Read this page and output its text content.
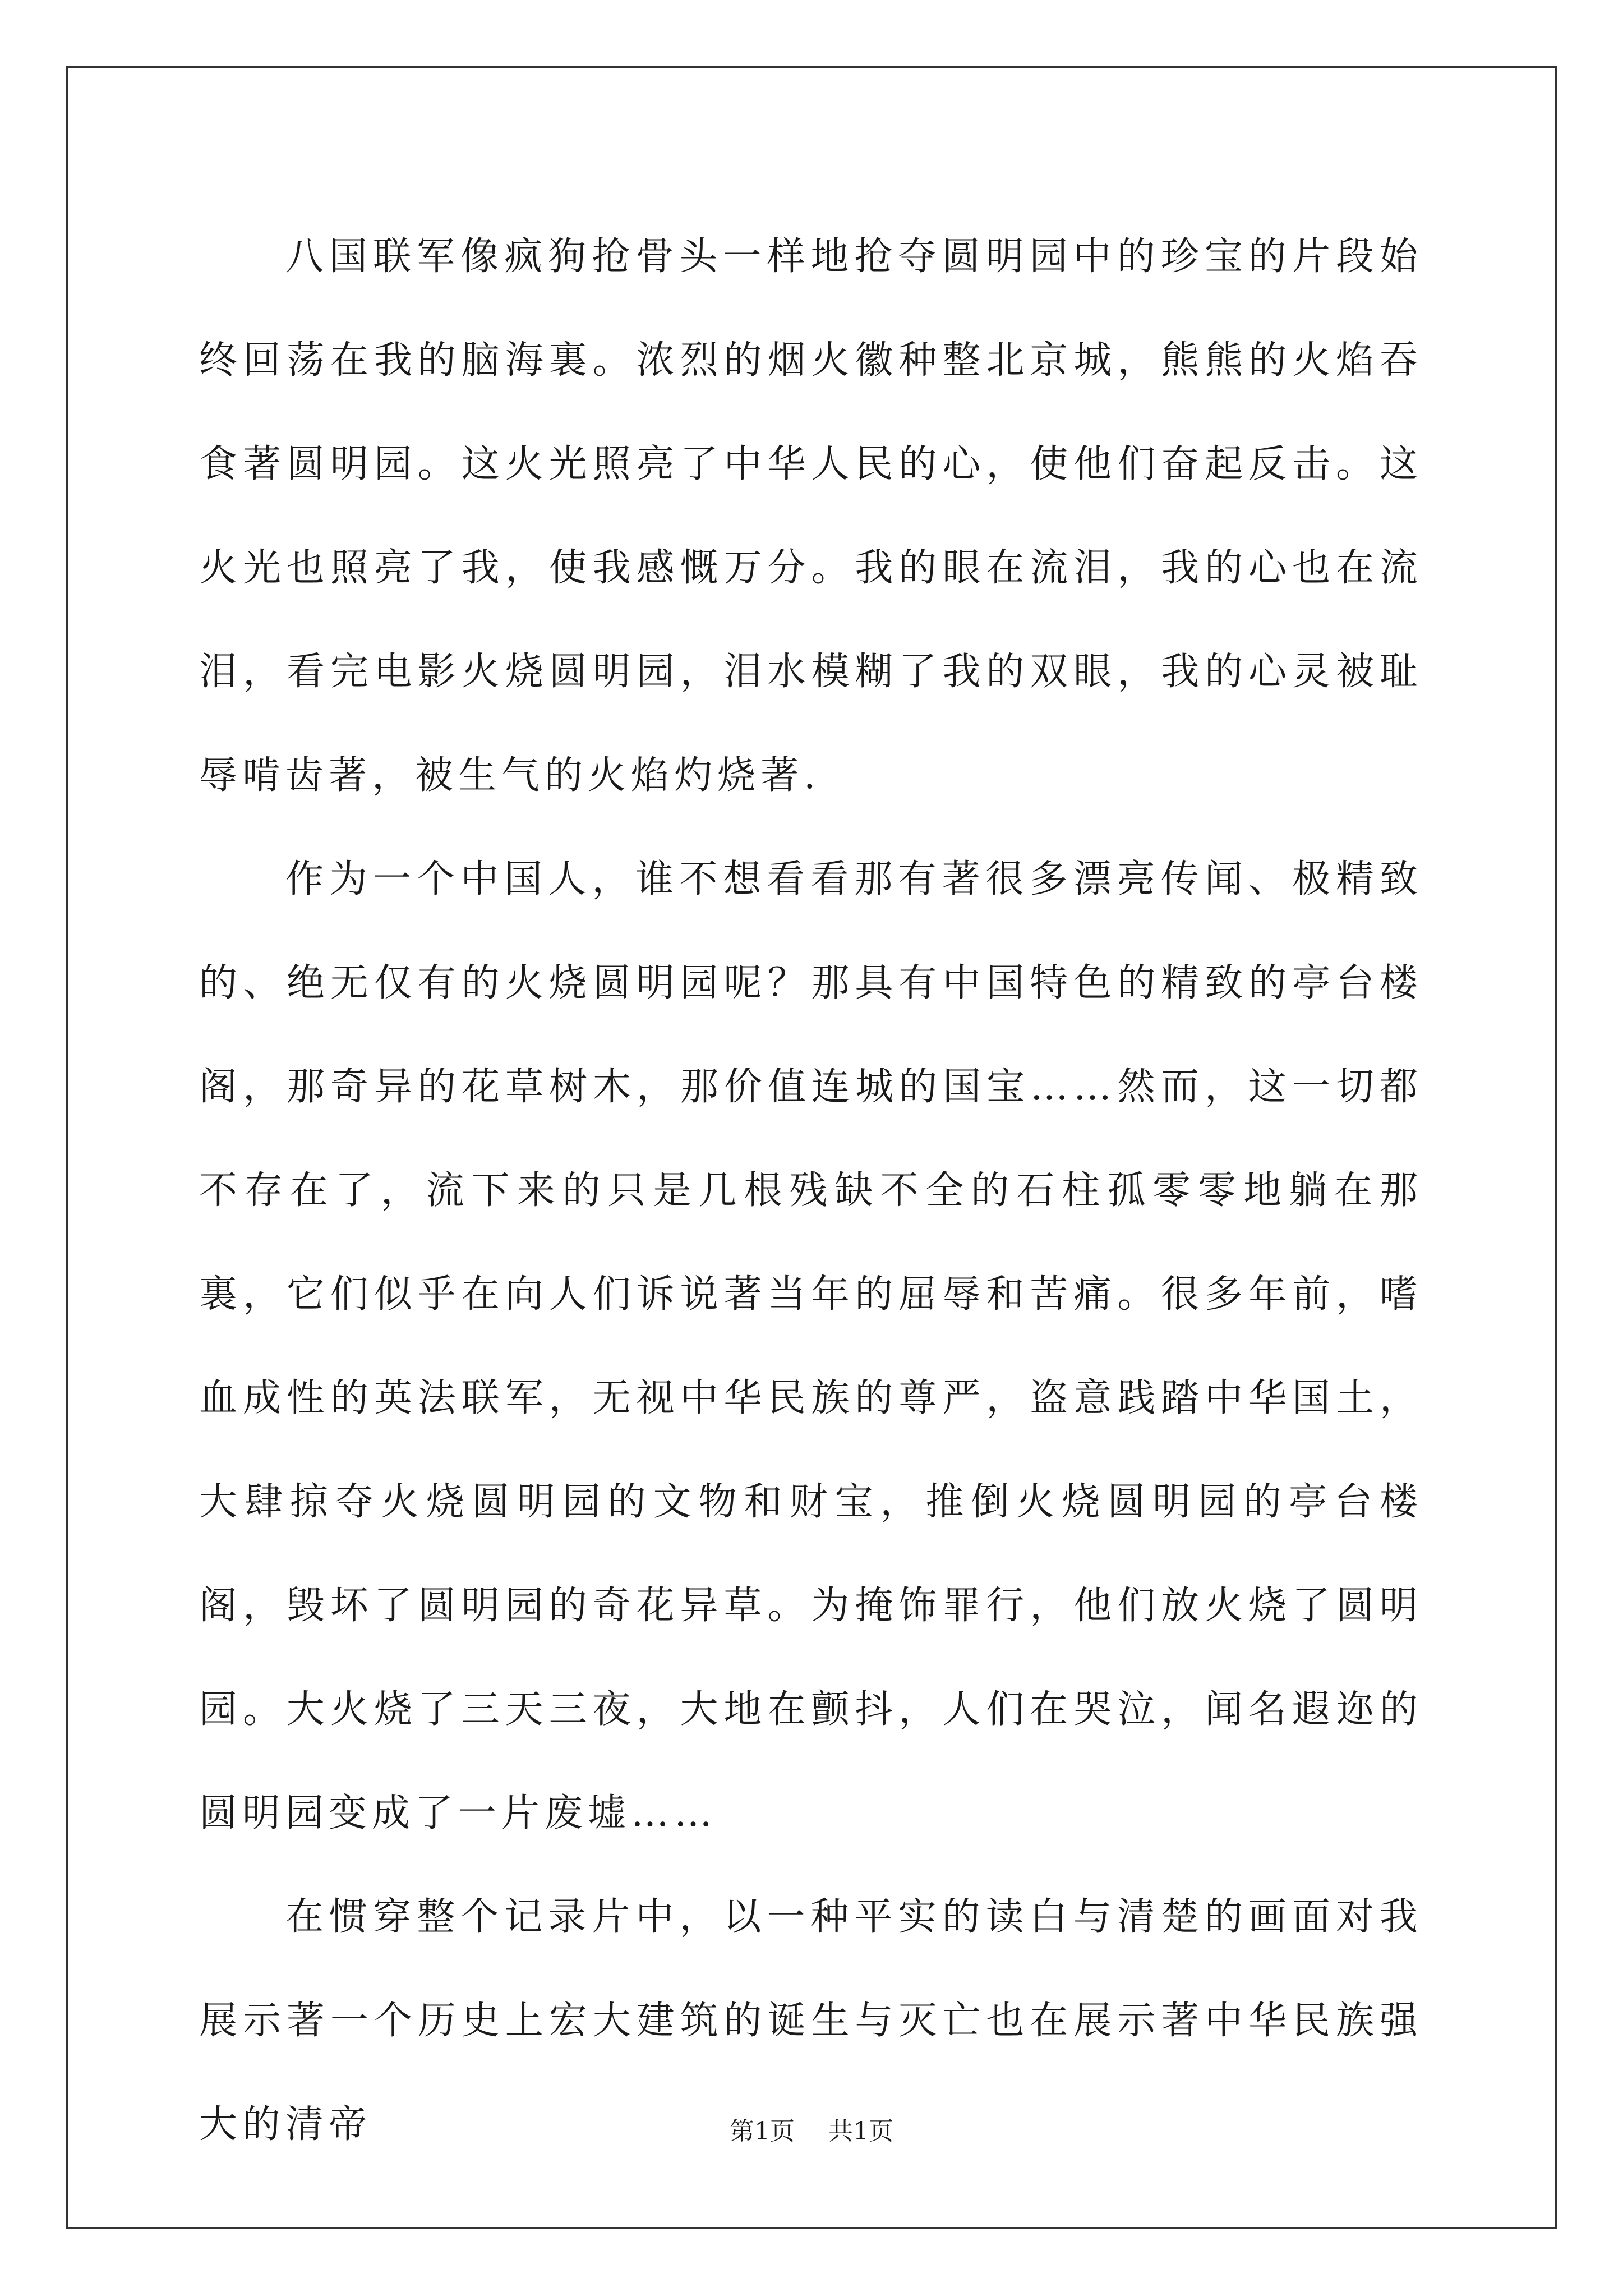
八国联军像疯狗抢骨头一样地抢夺圆明园中的珍宝的片段始终回荡在我的脑海裏。浓烈的烟火徽种整北京城，熊熊的火焰吞食著圆明园。这火光照亮了中华人民的心，使他们奋起反击。这火光也照亮了我，使我感慨万分。我的眼在流泪，我的心也在流泪，看完电影火烧圆明园，泪水模糊了我的双眼，我的心灵被耻辱啃齿著，被生气的火焰灼烧著.

作为一个中国人，谁不想看看那有著很多漂亮传闻、极精致的、绝无仅有的火烧圆明园呢？那具有中国特色的精致的亭台楼阁，那奇异的花草树木，那价值连城的国宝……然而，这一切都不存在了，流下来的只是几根残缺不全的石柱孤零零地躺在那裏，它们似乎在向人们诉说著当年的屈辱和苦痛。很多年前，嗜血成性的英法联军，无视中华民族的尊严，盗意践踏中华国土，大肆掠夺火烧圆明园的文物和财宝，推倒火烧圆明园的亭台楼阁，毁坏了圆明园的奇花异草。为掩饰罪行，他们放火烧了圆明园。大火烧了三天三夜，大地在颤抖，人们在哭泣，闻名遐迩的圆明园变成了一片废墟……

在惯穿整个记录片中，以一种平实的读白与清楚的画面对我展示著一个历史上宏大建筑的诞生与灭亡也在展示著中华民族强大的清帝	第1页 共1页
